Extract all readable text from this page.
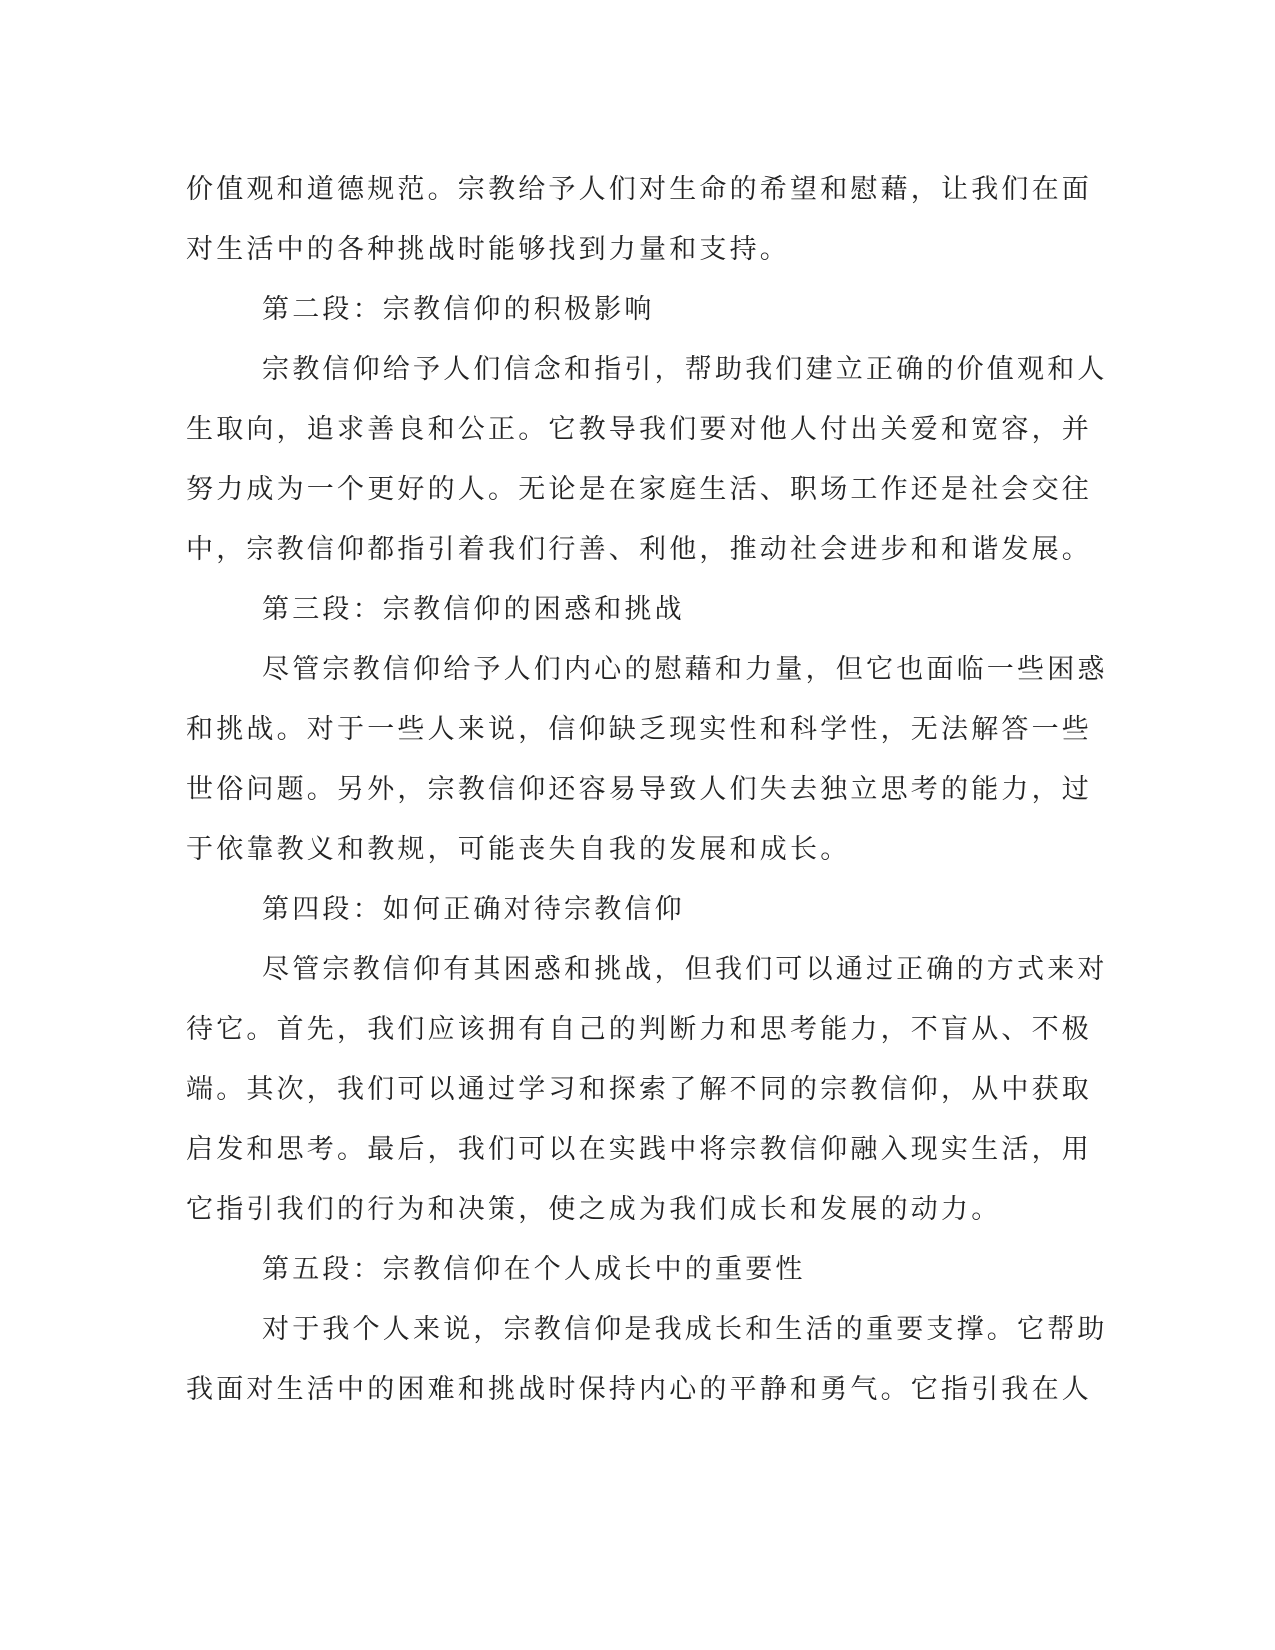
价值观和道德规范。宗教给予人们对生命的希望和慰藉，让我们在面
对生活中的各种挑战时能够找到力量和支持。
第二段：宗教信仰的积极影响
宗教信仰给予人们信念和指引，帮助我们建立正确的价值观和人
生取向，追求善良和公正。它教导我们要对他人付出关爱和宽容，并
努力成为一个更好的人。无论是在家庭生活、职场工作还是社会交往
中，宗教信仰都指引着我们行善、利他，推动社会进步和和谐发展。
第三段：宗教信仰的困惑和挑战
尽管宗教信仰给予人们内心的慰藉和力量，但它也面临一些困惑
和挑战。对于一些人来说，信仰缺乏现实性和科学性，无法解答一些
世俗问题。另外，宗教信仰还容易导致人们失去独立思考的能力，过
于依靠教义和教规，可能丧失自我的发展和成长。
第四段：如何正确对待宗教信仰
尽管宗教信仰有其困惑和挑战，但我们可以通过正确的方式来对
待它。首先，我们应该拥有自己的判断力和思考能力，不盲从、不极
端。其次，我们可以通过学习和探索了解不同的宗教信仰，从中获取
启发和思考。最后，我们可以在实践中将宗教信仰融入现实生活，用
它指引我们的行为和决策，使之成为我们成长和发展的动力。
第五段：宗教信仰在个人成长中的重要性
对于我个人来说，宗教信仰是我成长和生活的重要支撑。它帮助
我面对生活中的困难和挑战时保持内心的平静和勇气。它指引我在人
